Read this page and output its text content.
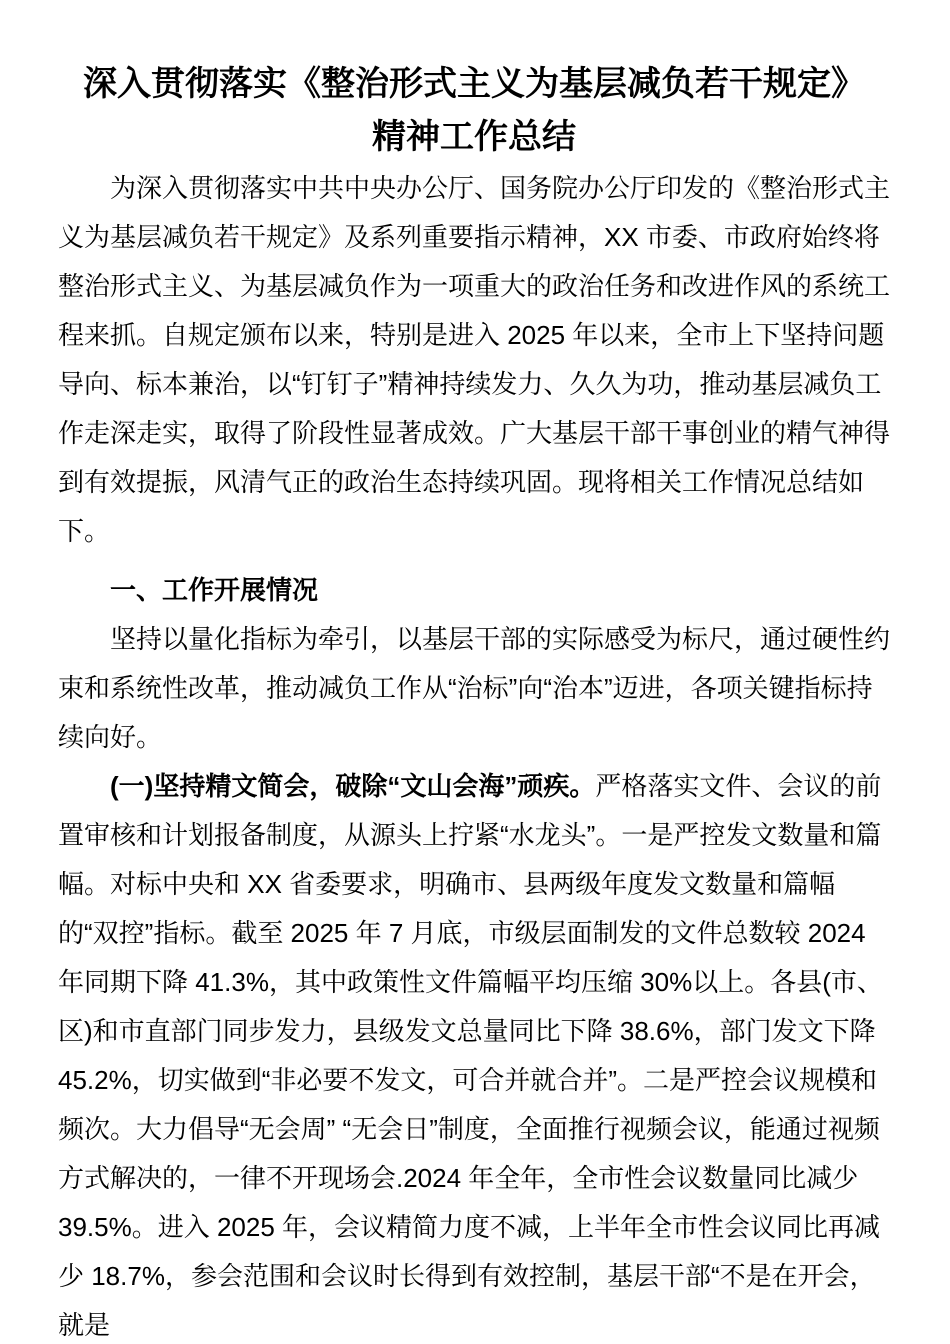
深入贯彻落实《整治形式主义为基层减负若干规定》
精神工作总结

为深入贯彻落实中共中央办公厅、国务院办公厅印发的《整治形式主义为基层减负若干规定》及系列重要指示精神，XX 市委、市政府始终将整治形式主义、为基层减负作为一项重大的政治任务和改进作风的系统工程来抓。自规定颁布以来，特别是进入 2025 年以来，全市上下坚持问题导向、标本兼治，以“钉钉子”精神持续发力、久久为功，推动基层减负工作走深走实，取得了阶段性显著成效。广大基层干部干事创业的精气神得到有效提振，风清气正的政治生态持续巩固。现将相关工作情况总结如下。

一、工作开展情况

坚持以量化指标为牵引，以基层干部的实际感受为标尺，通过硬性约束和系统性改革，推动减负工作从“治标”向“治本”迈进，各项关键指标持续向好。

(一)坚持精文简会，破除“文山会海”顽疾。严格落实文件、会议的前置审核和计划报备制度，从源头上拧紧“水龙头”。一是严控发文数量和篇幅。对标中央和 XX 省委要求，明确市、县两级年度发文数量和篇幅的“双控”指标。截至 2025 年 7 月底，市级层面制发的文件总数较 2024 年同期下降 41.3%，其中政策性文件篇幅平均压缩 30%以上。各县(市、区)和市直部门同步发力，县级发文总量同比下降 38.6%，部门发文下降 45.2%，切实做到“非必要不发文，可合并就合并”。二是严控会议规模和频次。大力倡导“无会周” “无会日”制度，全面推行视频会议，能通过视频方式解决的，一律不开现场会.2024 年全年，全市性会议数量同比减少 39.5%。进入 2025 年，会议精简力度不减，上半年全市性会议同比再减少 18.7%，参会范围和会议时长得到有效控制，基层干部“不是在开会，就是
